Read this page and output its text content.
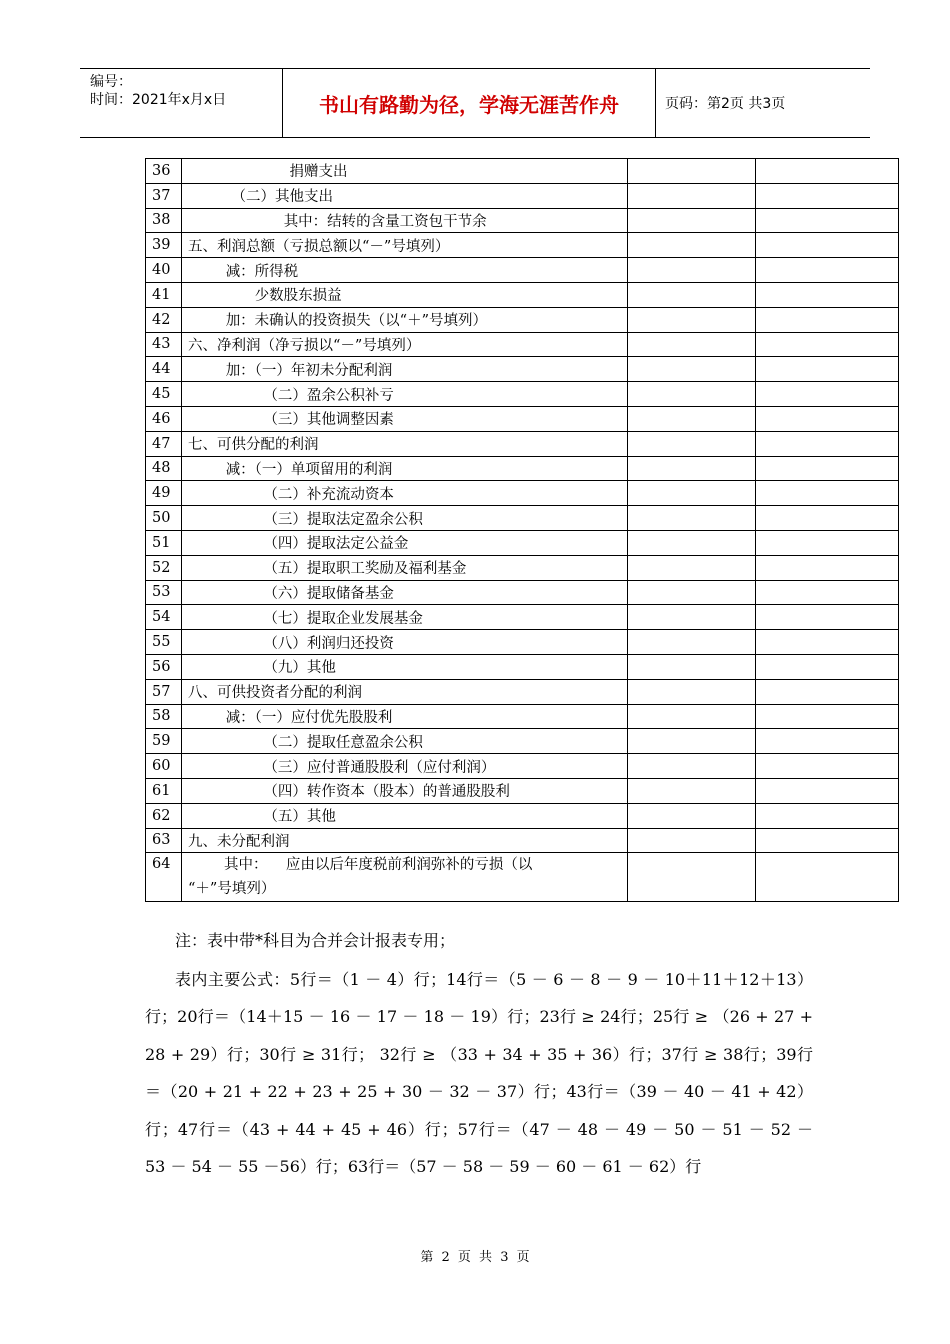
编号：
时间：2021年x月x日	书山有路勤为径，学海无涯苦作舟	页码：第2页 共3页
36	捐赠支出		
37	（二）其他支出		
38	其中：结转的含量工资包干节余		
39	五、利润总额（亏损总额以“－”号填列）		
40	减：所得税		
41	少数股东损益		
42	加：未确认的投资损失（以“＋”号填列）		
43	六、净利润（净亏损以“－”号填列）		
44	加：（一）年初未分配利润		
45	（二）盈余公积补亏		
46	（三）其他调整因素		
47	七、可供分配的利润		
48	减：（一）单项留用的利润		
49	（二）补充流动资本		
50	（三）提取法定盈余公积		
51	（四）提取法定公益金		
52	（五）提取职工奖励及福利基金		
53	（六）提取储备基金		
54	（七）提取企业发展基金		
55	（八）利润归还投资		
56	（九）其他		
57	八、可供投资者分配的利润		
58	减：（一）应付优先股股利		
59	（二）提取任意盈余公积		
60	（三）应付普通股股利（应付利润）		
61	（四）转作资本（股本）的普通股股利		
62	（五）其他		
63	九、未分配利润		
64	其中：    应由以后年度税前利润弥补的亏损（以
“＋”号填列）		

注：表中带*科目为合并会计报表专用；
表内主要公式：5行＝（1 － 4）行；14行＝（5 － 6 － 8 － 9 － 10＋11＋12＋13）行；20行＝（14＋15 － 16 － 17 － 18 － 19）行；23行 ≥ 24行；25行 ≥ （26 + 27 + 28 + 29）行；30行 ≥ 31行； 32行 ≥ （33 + 34 + 35 + 36）行；37行 ≥ 38行；39行＝（20 + 21 + 22 + 23 + 25 + 30 － 32 － 37）行；43行＝（39 － 40 － 41 + 42）行；47行＝（43 + 44 + 45 + 46）行；57行＝（47 － 48 － 49 － 50 － 51 － 52 － 53 － 54 － 55 －56）行；63行＝（57 － 58 － 59 － 60 － 61 － 62）行
第 2 页 共 3 页
